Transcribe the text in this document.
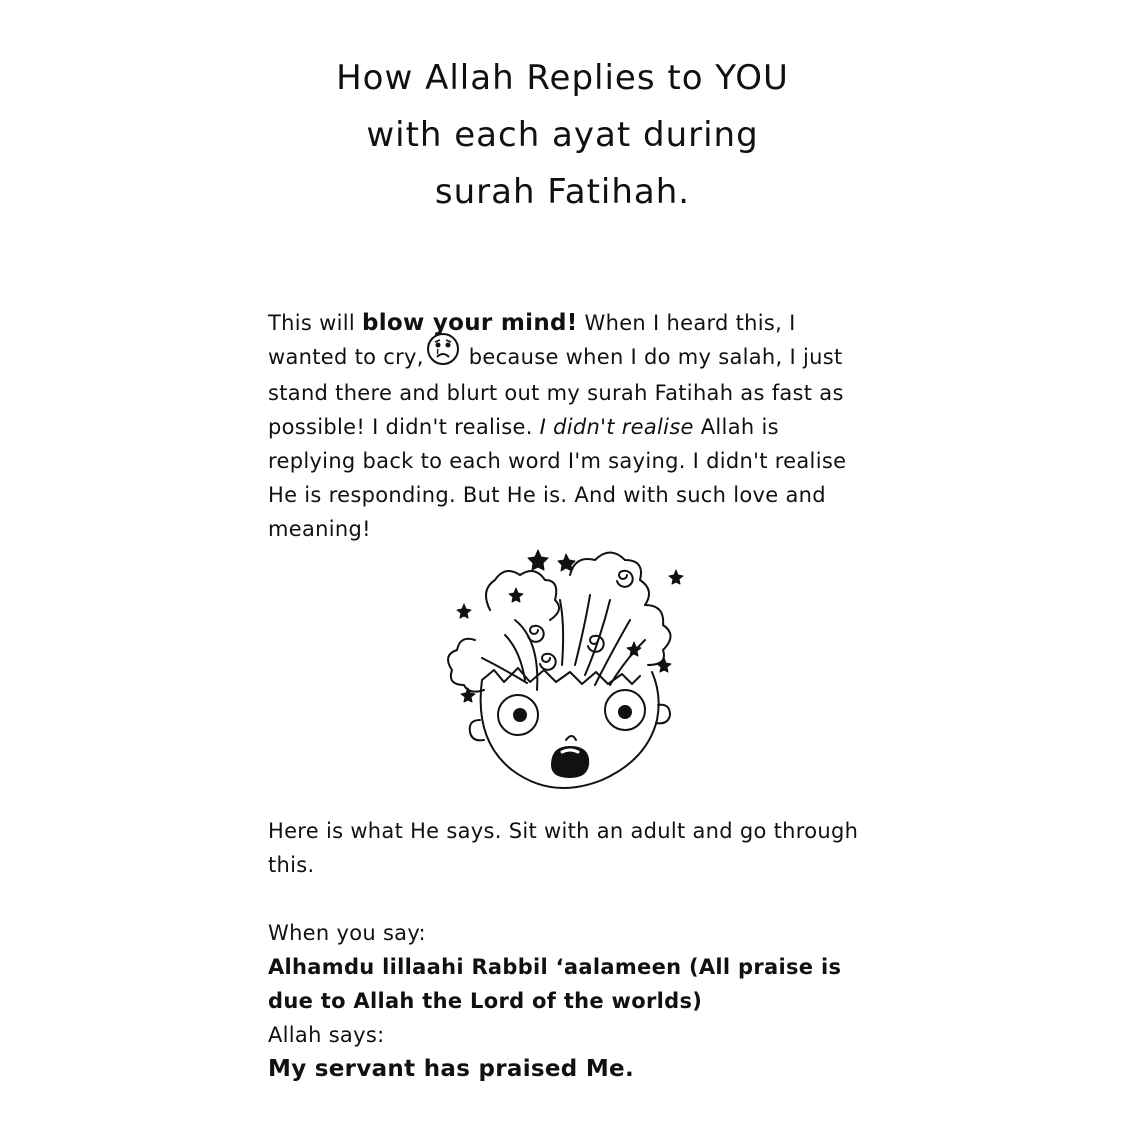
How Allah Replies to YOU
with each ayat during
surah Fatihah.

This will blow your mind! When I heard this, I wanted to cry, because when I do my salah, I just stand there and blurt out my surah Fatihah as fast as possible! I didn't realise. I didn't realise Allah is replying back to each word I'm saying. I didn't realise He is responding. But He is. And with such love and meaning!

Here is what He says. Sit with an adult and go through this.

When you say:
Alhamdu lillaahi Rabbil ‘aalameen (All praise is due to Allah the Lord of the worlds)
Allah says:
My servant has praised Me.
